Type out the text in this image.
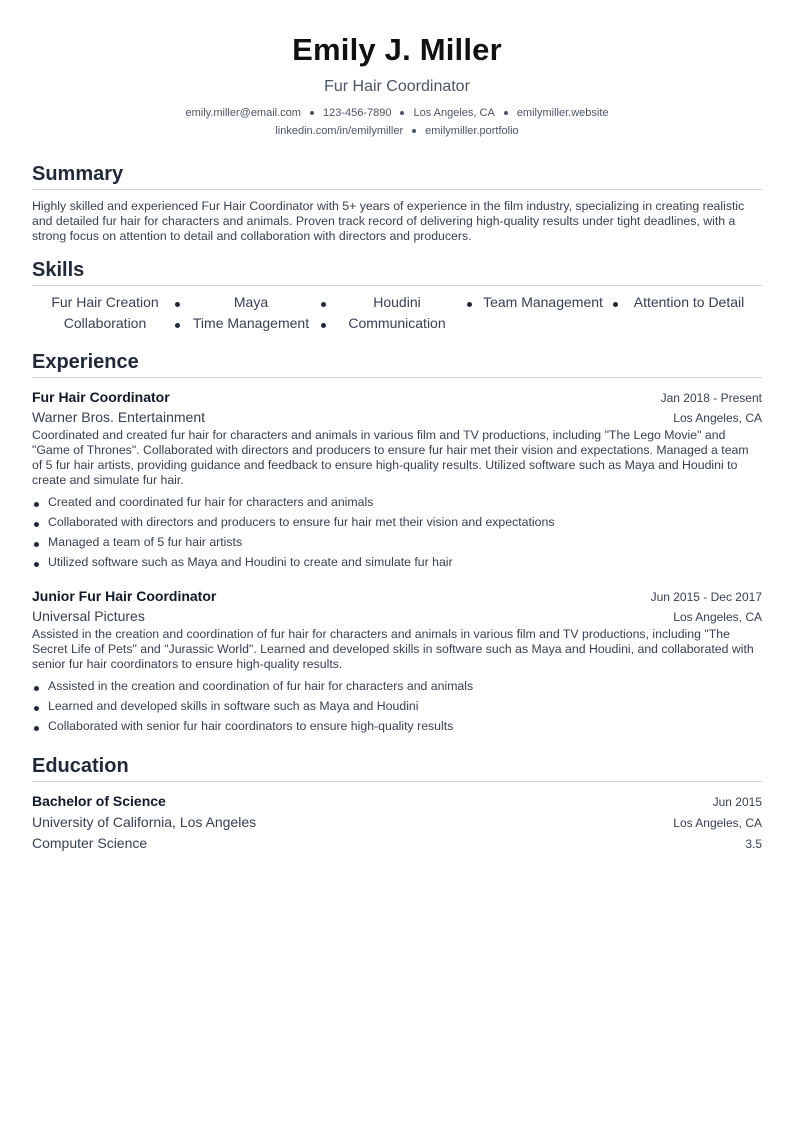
Emily J. Miller
Fur Hair Coordinator
emily.miller@email.com 123-456-7890 Los Angeles, CA emilymiller.website
linkedin.com/in/emilymiller emilymiller.portfolio
Summary

Highly skilled and experienced Fur Hair Coordinator with 5+ years of experience in the film industry, specializing in creating realistic and detailed fur hair for characters and animals. Proven track record of delivering high-quality results under tight deadlines, with a strong focus on attention to detail and collaboration with directors and producers.

Skills
Fur Hair Creation	Maya	Houdini	Team Management	Attention to Detail
Collaboration	Time Management	Communication
Experience
Fur Hair Coordinator	Jan 2018 - Present
Warner Bros. Entertainment	Los Angeles, CA

Coordinated and created fur hair for characters and animals in various film and TV productions, including "The Lego Movie" and "Game of Thrones". Collaborated with directors and producers to ensure fur hair met their vision and expectations. Managed a team of 5 fur hair artists, providing guidance and feedback to ensure high-quality results. Utilized software such as Maya and Houdini to create and simulate fur hair.

Created and coordinated fur hair for characters and animals
Collaborated with directors and producers to ensure fur hair met their vision and expectations
Managed a team of 5 fur hair artists
Utilized software such as Maya and Houdini to create and simulate fur hair
Junior Fur Hair Coordinator	Jun 2015 - Dec 2017
Universal Pictures	Los Angeles, CA

Assisted in the creation and coordination of fur hair for characters and animals in various film and TV productions, including "The Secret Life of Pets" and "Jurassic World". Learned and developed skills in software such as Maya and Houdini, and collaborated with senior fur hair coordinators to ensure high-quality results.

Assisted in the creation and coordination of fur hair for characters and animals
Learned and developed skills in software such as Maya and Houdini
Collaborated with senior fur hair coordinators to ensure high-quality results
Education
Bachelor of Science	Jun 2015
University of California, Los Angeles	Los Angeles, CA
Computer Science	3.5
